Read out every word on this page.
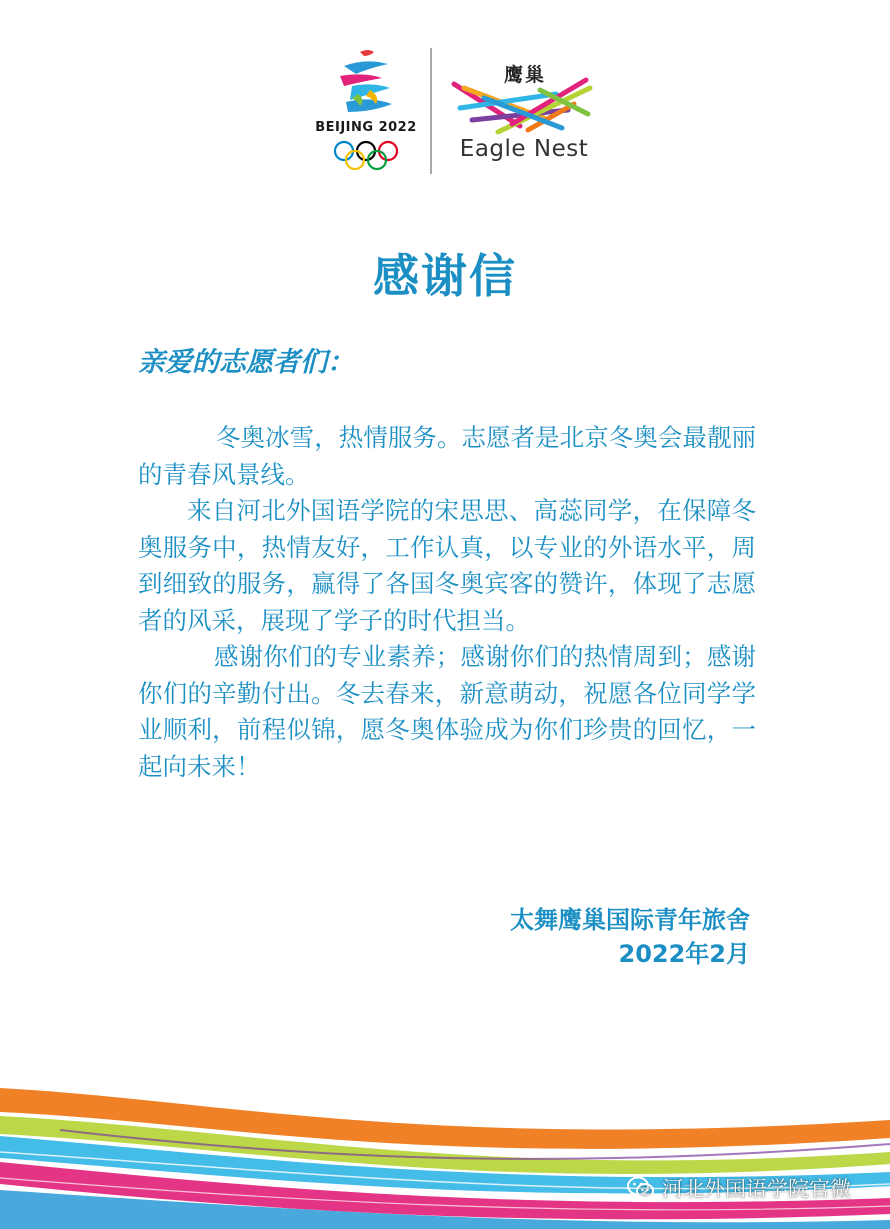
BEIJING 2022
鹰巢
Eagle Nest
感谢信
亲爱的志愿者们：

冬奥冰雪，热情服务。志愿者是北京冬奥会最靓丽的青春风景线。

来自河北外国语学院的宋思思、高蕊同学，在保障冬奥服务中，热情友好，工作认真，以专业的外语水平，周到细致的服务，赢得了各国冬奥宾客的赞许，体现了志愿者的风采，展现了学子的时代担当。

感谢你们的专业素养；感谢你们的热情周到；感谢你们的辛勤付出。冬去春来，新意萌动，祝愿各位同学学业顺利，前程似锦，愿冬奥体验成为你们珍贵的回忆，一起向未来！

太舞鹰巢国际青年旅舍
2022年2月
河北外国语学院官微
